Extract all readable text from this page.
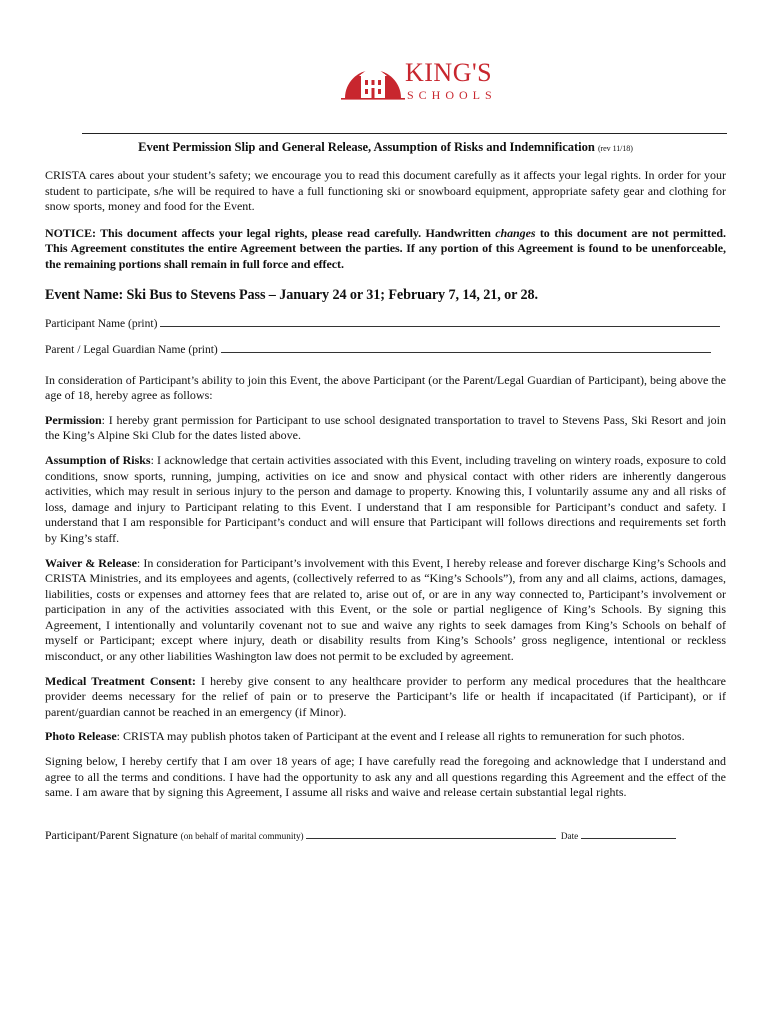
KING'S
SCHOOLS
Event Permission Slip and General Release, Assumption of Risks and Indemnification (rev 11/18)

CRISTA cares about your student’s safety; we encourage you to read this document carefully as it affects your legal rights. In order for your student to participate, s/he will be required to have a full functioning ski or snowboard equipment, appropriate safety gear and clothing for snow sports, money and food for the Event.

NOTICE: This document affects your legal rights, please read carefully. Handwritten changes to this document are not permitted. This Agreement constitutes the entire Agreement between the parties. If any portion of this Agreement is found to be unenforceable, the remaining portions shall remain in full force and effect.

Event Name: Ski Bus to Stevens Pass – January 24 or 31; February 7, 14, 21, or 28.
Participant Name (print)
Parent / Legal Guardian Name (print)

In consideration of Participant’s ability to join this Event, the above Participant (or the Parent/Legal Guardian of Participant), being above the age of 18, hereby agree as follows:

Permission: I hereby grant permission for Participant to use school designated transportation to travel to Stevens Pass, Ski Resort and join the King’s Alpine Ski Club for the dates listed above.

Assumption of Risks: I acknowledge that certain activities associated with this Event, including traveling on wintery roads, exposure to cold conditions, snow sports, running, jumping, activities on ice and snow and physical contact with other riders are inherently dangerous activities, which may result in serious injury to the person and damage to property. Knowing this, I voluntarily assume any and all risks of loss, damage and injury to Participant relating to this Event. I understand that I am responsible for Participant’s conduct and safety. I understand that I am responsible for Participant’s conduct and will ensure that Participant will follows directions and requirements set forth by King’s staff.

Waiver & Release: In consideration for Participant’s involvement with this Event, I hereby release and forever discharge King’s Schools and CRISTA Ministries, and its employees and agents, (collectively referred to as “King’s Schools”), from any and all claims, actions, damages, liabilities, costs or expenses and attorney fees that are related to, arise out of, or are in any way connected to, Participant’s involvement or participation in any of the activities associated with this Event, or the sole or partial negligence of King’s Schools. By signing this Agreement, I intentionally and voluntarily covenant not to sue and waive any rights to seek damages from King’s Schools on behalf of myself or Participant; except where injury, death or disability results from King’s Schools’ gross negligence, intentional or reckless misconduct, or any other liabilities Washington law does not permit to be excluded by agreement.

Medical Treatment Consent: I hereby give consent to any healthcare provider to perform any medical procedures that the healthcare provider deems necessary for the relief of pain or to preserve the Participant’s life or health if incapacitated (if Participant), or if parent/guardian cannot be reached in an emergency (if Minor).

Photo Release: CRISTA may publish photos taken of Participant at the event and I release all rights to remuneration for such photos.

Signing below, I hereby certify that I am over 18 years of age; I have carefully read the foregoing and acknowledge that I understand and agree to all the terms and conditions. I have had the opportunity to ask any and all questions regarding this Agreement and the effect of the same. I am aware that by signing this Agreement, I assume all risks and waive and release certain substantial legal rights.

Participant/Parent Signature (on behalf of marital community)	Date
